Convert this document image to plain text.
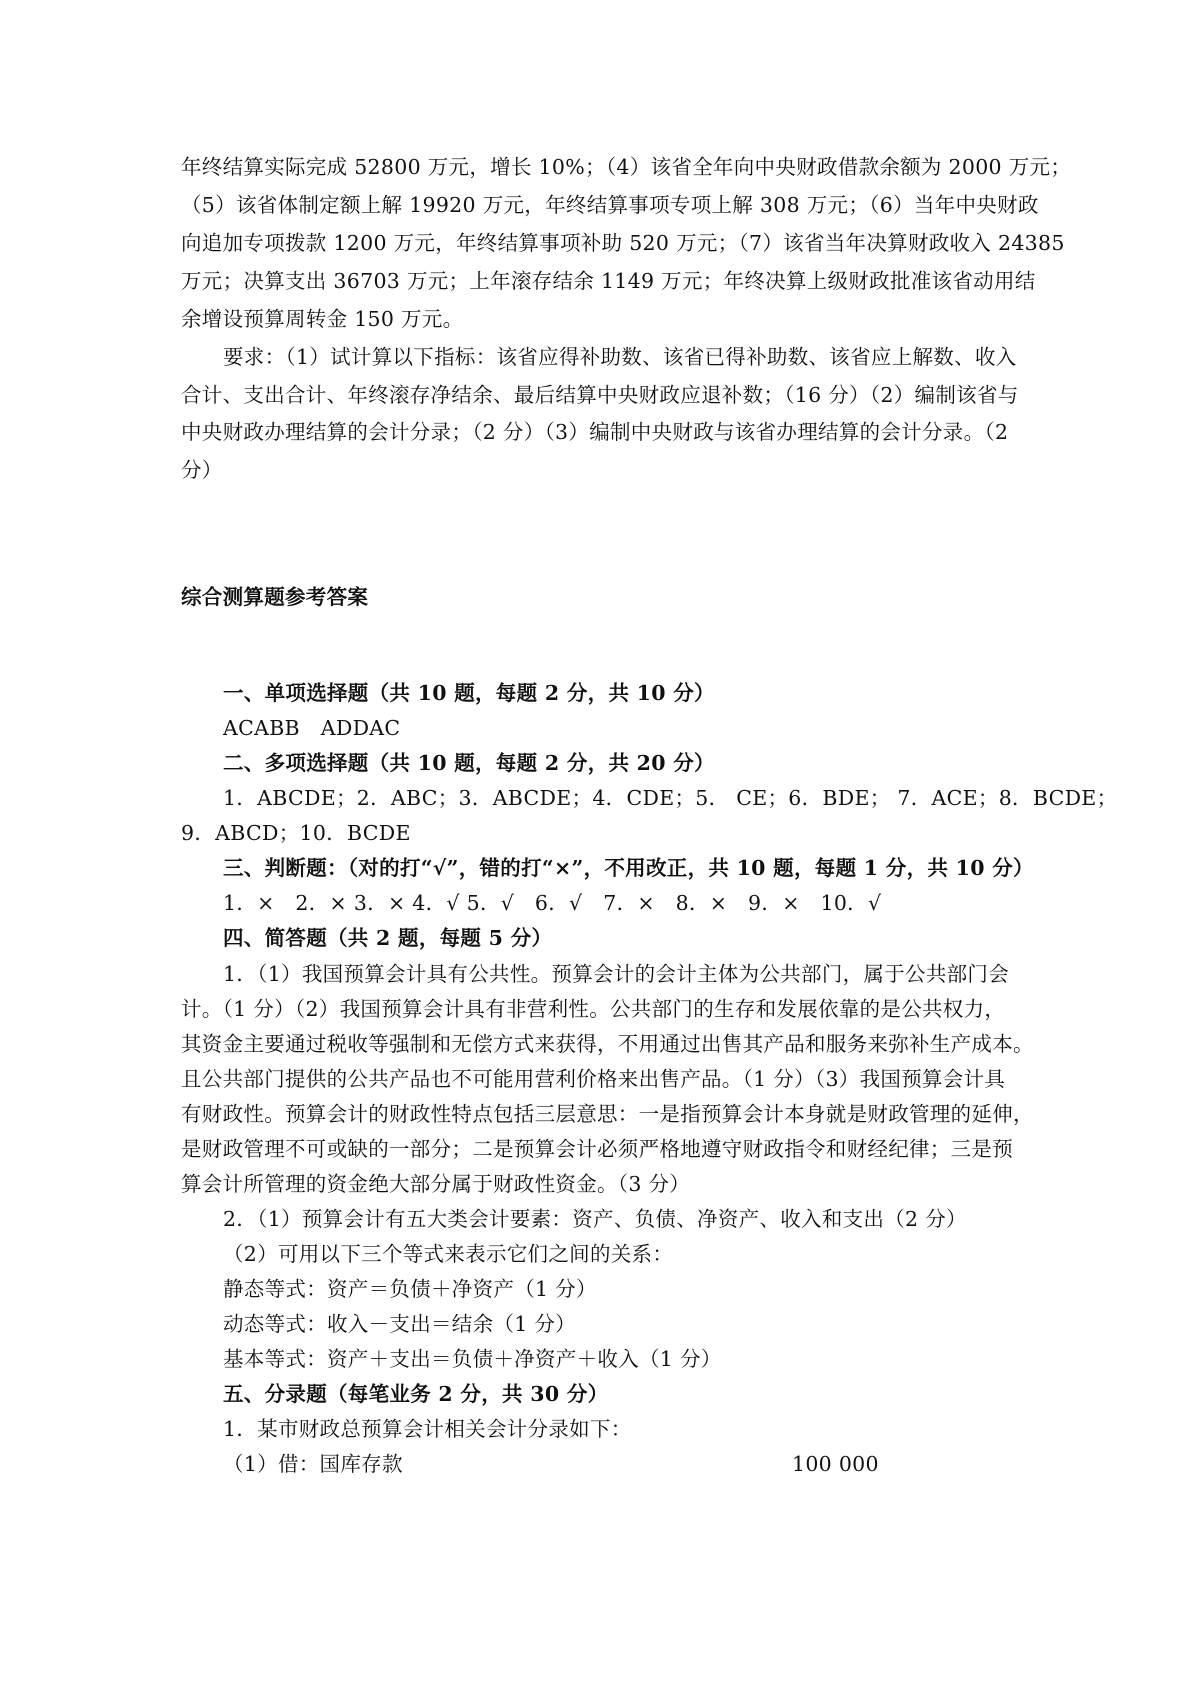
年终结算实际完成 52800 万元，增长 10%；（4）该省全年向中央财政借款余额为 2000 万元；
（5）该省体制定额上解 19920 万元，年终结算事项专项上解 308 万元；（6）当年中央财政
向追加专项拨款 1200 万元，年终结算事项补助 520 万元；（7）该省当年决算财政收入 24385
万元；决算支出 36703 万元；上年滚存结余 1149 万元；年终决算上级财政批准该省动用结
余增设预算周转金 150 万元。
要求：（1）试计算以下指标：该省应得补助数、该省已得补助数、该省应上解数、收入
合计、支出合计、年终滚存净结余、最后结算中央财政应退补数；（16 分）（2）编制该省与
中央财政办理结算的会计分录；（2 分）（3）编制中央财政与该省办理结算的会计分录。（2
分）
综合测算题参考答案
一、单项选择题（共 10 题，每题 2 分，共 10 分）
ACABB　ADDAC
二、多项选择题（共 10 题，每题 2 分，共 20 分）
1．ABCDE；2．ABC；3．ABCDE；4．CDE；5． CE；6．BDE； 7．ACE；8．BCDE；
9．ABCD；10．BCDE
三、判断题：（对的打“√”，错的打“×”，不用改正，共 10 题，每题 1 分，共 10 分）
1．×　2．× 3．× 4．√ 5．√　6．√　7．×　8．×　9．×　10．√
四、简答题（共 2 题，每题 5 分）
1．（1）我国预算会计具有公共性。预算会计的会计主体为公共部门，属于公共部门会
计。（1 分）（2）我国预算会计具有非营利性。公共部门的生存和发展依靠的是公共权力，
其资金主要通过税收等强制和无偿方式来获得，不用通过出售其产品和服务来弥补生产成本。
且公共部门提供的公共产品也不可能用营利价格来出售产品。（1 分）（3）我国预算会计具
有财政性。预算会计的财政性特点包括三层意思：一是指预算会计本身就是财政管理的延伸，
是财政管理不可或缺的一部分；二是预算会计必须严格地遵守财政指令和财经纪律；三是预
算会计所管理的资金绝大部分属于财政性资金。（3 分）
2．（1）预算会计有五大类会计要素：资产、负债、净资产、收入和支出（2 分）
（2）可用以下三个等式来表示它们之间的关系：
静态等式：资产＝负债＋净资产（1 分）
动态等式：收入－支出＝结余（1 分）
基本等式：资产＋支出＝负债＋净资产＋收入（1 分）
五、分录题（每笔业务 2 分，共 30 分）
1．某市财政总预算会计相关会计分录如下：
（1）借：国库存款	100 000
